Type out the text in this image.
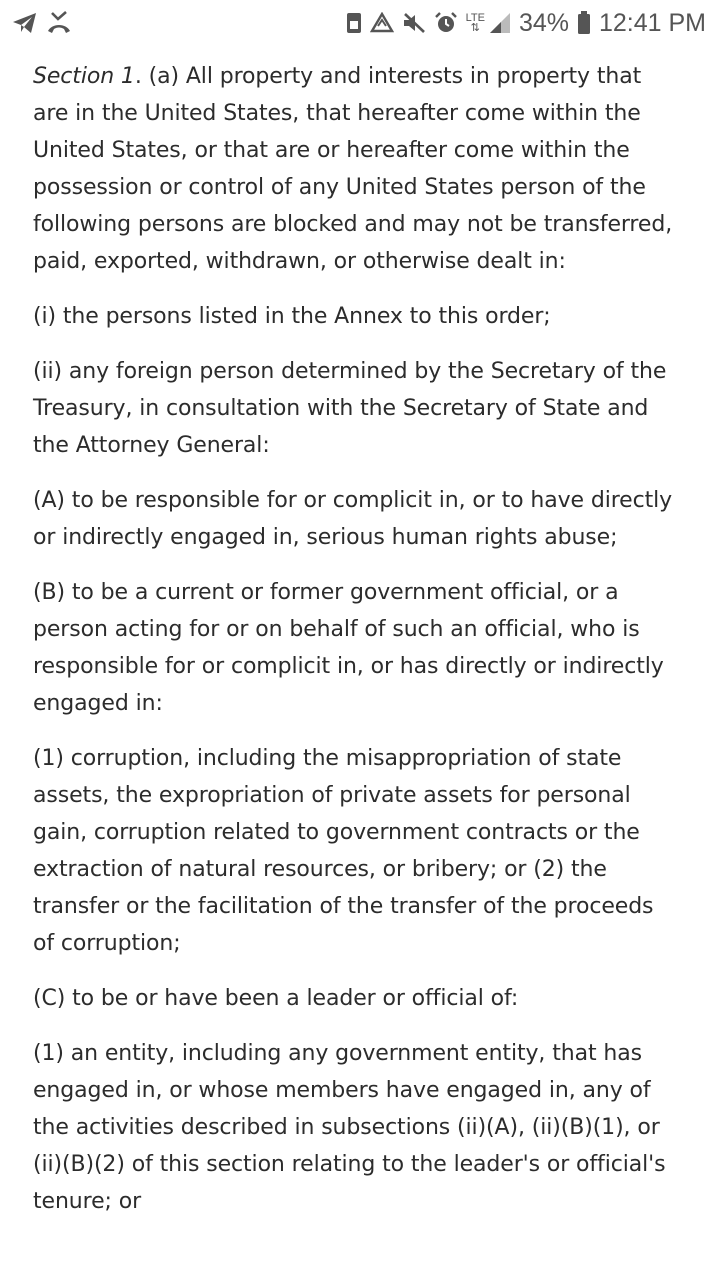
LTE
⇅ 34% 12:41 PM

Section 1. (a) All property and interests in property that are in the United States, that hereafter come within the United States, or that are or hereafter come within the possession or control of any United States person of the following persons are blocked and may not be transferred, paid, exported, withdrawn, or otherwise dealt in:

(i) the persons listed in the Annex to this order;

(ii) any foreign person determined by the Secretary of the Treasury, in consultation with the Secretary of State and the Attorney General:

(A) to be responsible for or complicit in, or to have directly or indirectly engaged in, serious human rights abuse;

(B) to be a current or former government official, or a person acting for or on behalf of such an official, who is responsible for or complicit in, or has directly or indirectly engaged in:

(1) corruption, including the misappropriation of state assets, the expropriation of private assets for personal gain, corruption related to government contracts or the extraction of natural resources, or bribery; or (2) the transfer or the facilitation of the transfer of the proceeds of corruption;

(C) to be or have been a leader or official of:

(1) an entity, including any government entity, that has engaged in, or whose members have engaged in, any of the activities described in subsections (ii)(A), (ii)(B)(1), or (ii)(B)(2) of this section relating to the leader's or official's tenure; or
